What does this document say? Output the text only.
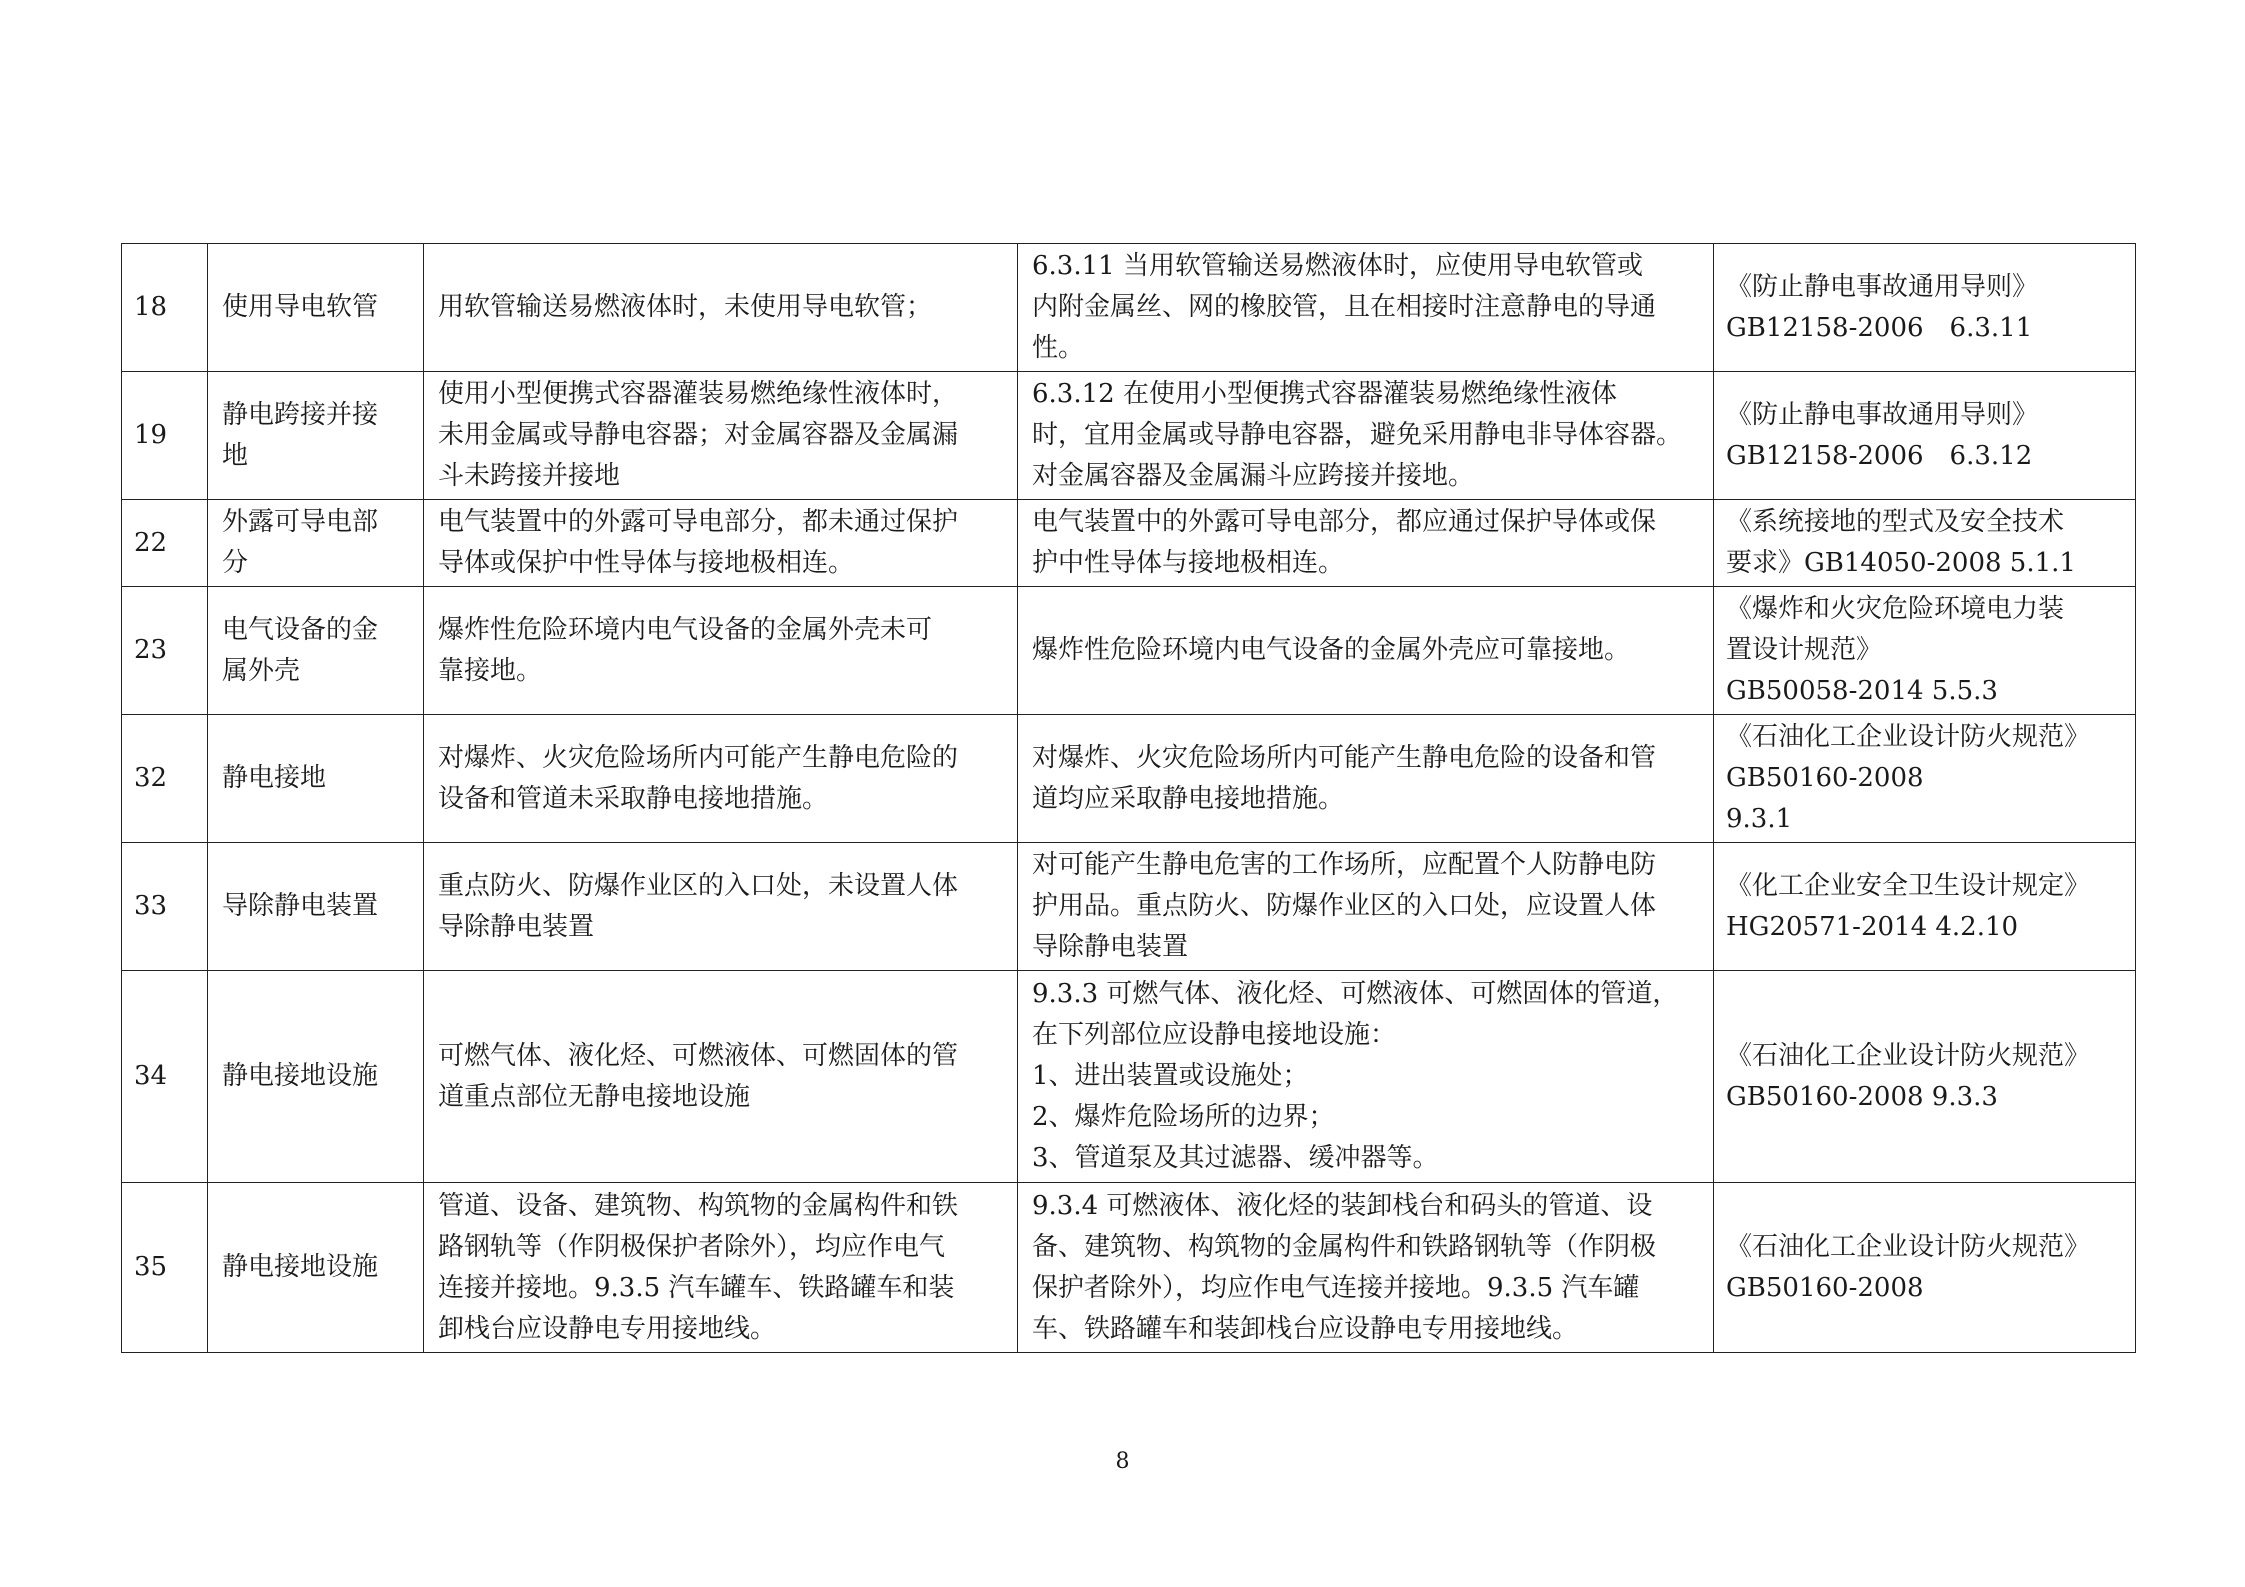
18	使用导电软管	用软管输送易燃液体时，未使用导电软管；	6.3.11 当用软管输送易燃液体时，应使用导电软管或
内附金属丝、网的橡胶管，且在相接时注意静电的导通
性。	《防止静电事故通用导则》
GB12158-2006　6.3.11

19	静电跨接并接
地	使用小型便携式容器灌装易燃绝缘性液体时，
未用金属或导静电容器；对金属容器及金属漏
斗未跨接并接地	6.3.12 在使用小型便携式容器灌装易燃绝缘性液体
时，宜用金属或导静电容器，避免采用静电非导体容器。
对金属容器及金属漏斗应跨接并接地。	《防止静电事故通用导则》
GB12158-2006　6.3.12

22	外露可导电部
分	电气装置中的外露可导电部分，都未通过保护
导体或保护中性导体与接地极相连。	电气装置中的外露可导电部分，都应通过保护导体或保
护中性导体与接地极相连。	《系统接地的型式及安全技术
要求》GB14050-2008 5.1.1

23	电气设备的金
属外壳	爆炸性危险环境内电气设备的金属外壳未可
靠接地。	爆炸性危险环境内电气设备的金属外壳应可靠接地。	《爆炸和火灾危险环境电力装
置设计规范》
GB50058-2014 5.5.3

32	静电接地	对爆炸、火灾危险场所内可能产生静电危险的
设备和管道未采取静电接地措施。	对爆炸、火灾危险场所内可能产生静电危险的设备和管
道均应采取静电接地措施。	《石油化工企业设计防火规范》
GB50160-2008
9.3.1

33	导除静电装置	重点防火、防爆作业区的入口处，未设置人体
导除静电装置	对可能产生静电危害的工作场所，应配置个人防静电防
护用品。重点防火、防爆作业区的入口处，应设置人体
导除静电装置	《化工企业安全卫生设计规定》
HG20571-2014 4.2.10

34	静电接地设施	可燃气体、液化烃、可燃液体、可燃固体的管
道重点部位无静电接地设施	9.3.3 可燃气体、液化烃、可燃液体、可燃固体的管道，
在下列部位应设静电接地设施：
1、进出装置或设施处；
2、爆炸危险场所的边界；
3、管道泵及其过滤器、缓冲器等。	《石油化工企业设计防火规范》
GB50160-2008 9.3.3

35	静电接地设施	管道、设备、建筑物、构筑物的金属构件和铁
路钢轨等（作阴极保护者除外），均应作电气
连接并接地。9.3.5 汽车罐车、铁路罐车和装
卸栈台应设静电专用接地线。	9.3.4 可燃液体、液化烃的装卸栈台和码头的管道、设
备、建筑物、构筑物的金属构件和铁路钢轨等（作阴极
保护者除外），均应作电气连接并接地。9.3.5 汽车罐
车、铁路罐车和装卸栈台应设静电专用接地线。	《石油化工企业设计防火规范》
GB50160-2008
8
